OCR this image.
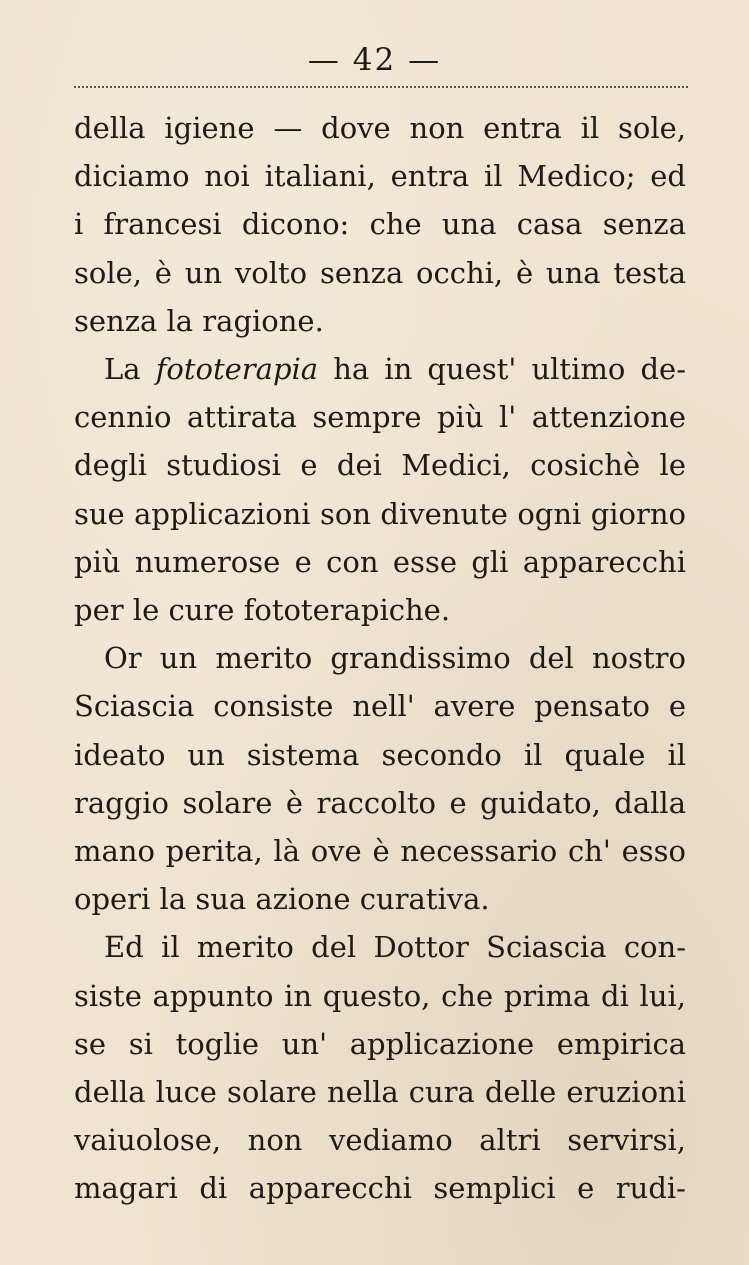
— 42 —
della igiene — dove non entra il sole,
diciamo noi italiani, entra il Medico; ed
i francesi dicono: che una casa senza
sole, è un volto senza occhi, è una testa
senza la ragione.
La fototerapia ha in quest' ultimo de-
cennio attirata sempre più l' attenzione
degli studiosi e dei Medici, cosichè le
sue applicazioni son divenute ogni giorno
più numerose e con esse gli apparecchi
per le cure fototerapiche.
Or un merito grandissimo del nostro
Sciascia consiste nell' avere pensato e
ideato un sistema secondo il quale il
raggio solare è raccolto e guidato, dalla
mano perita, là ove è necessario ch' esso
operi la sua azione curativa.
Ed il merito del Dottor Sciascia con-
siste appunto in questo, che prima di lui,
se si toglie un' applicazione empirica
della luce solare nella cura delle eruzioni
vaiuolose, non vediamo altri servirsi,
magari di apparecchi semplici e rudi-
